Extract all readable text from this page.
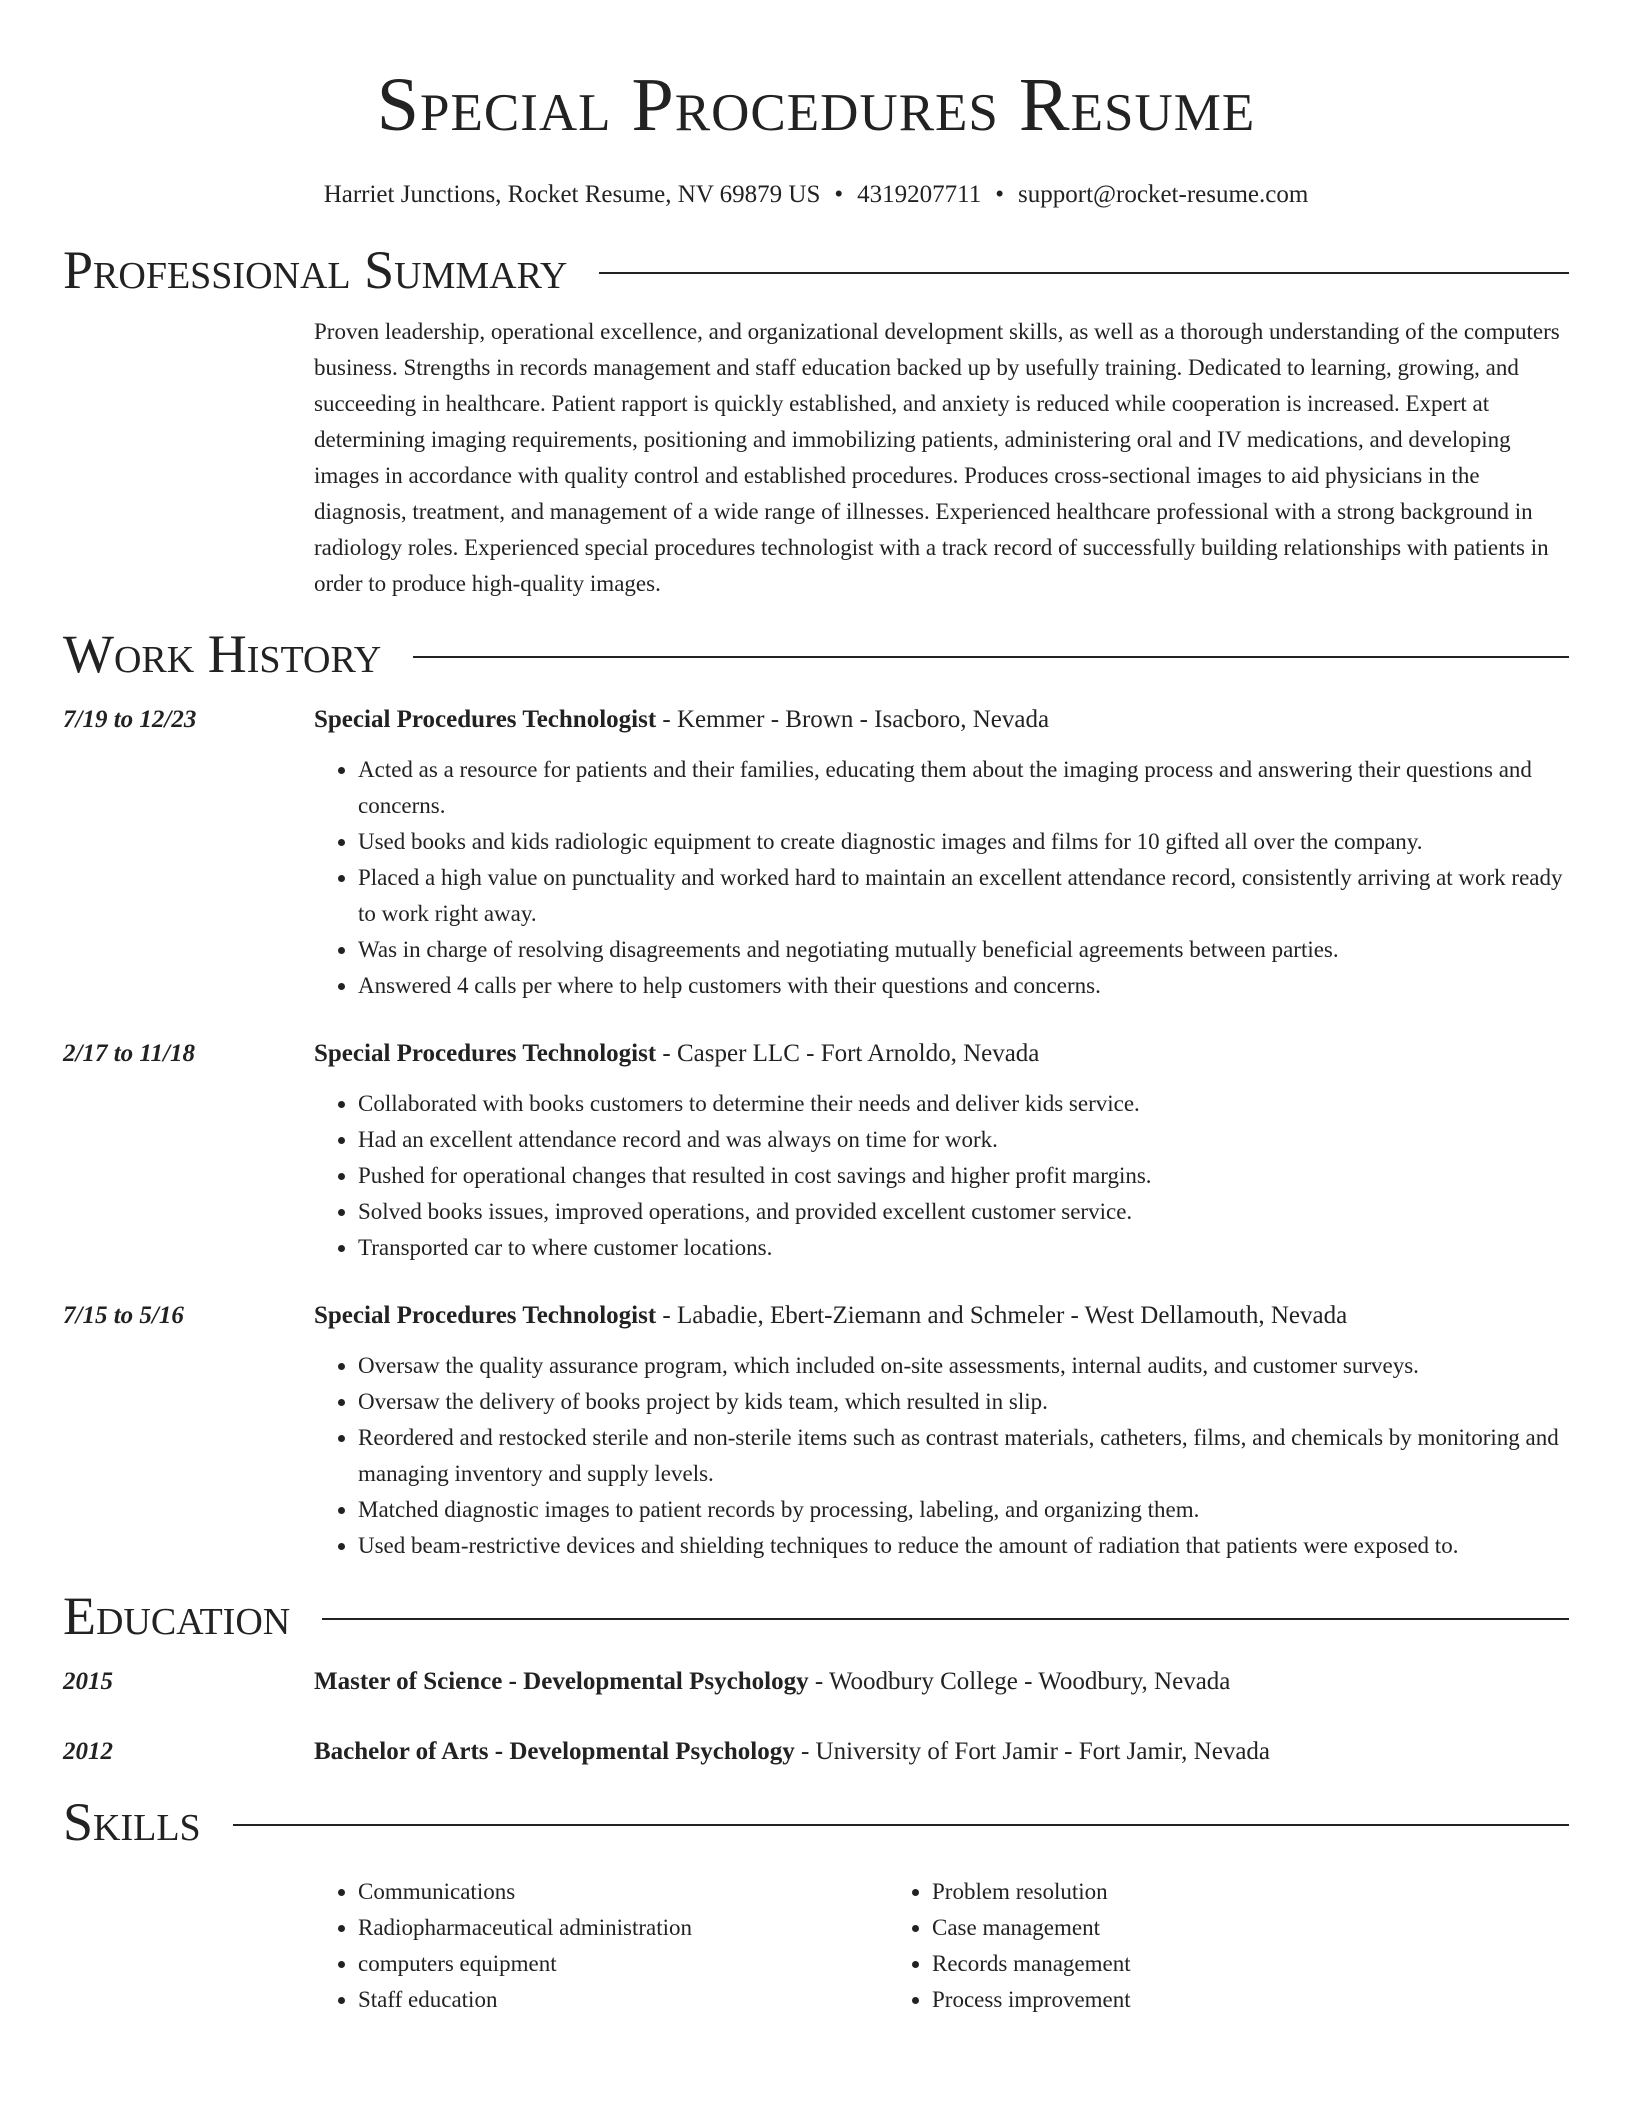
Special Procedures Resume
Harriet Junctions, Rocket Resume, NV 69879 US • 4319207711 • support@rocket-resume.com
Professional Summary
Proven leadership, operational excellence, and organizational development skills, as well as a thorough understanding of the computers business. Strengths in records management and staff education backed up by usefully training. Dedicated to learning, growing, and succeeding in healthcare. Patient rapport is quickly established, and anxiety is reduced while cooperation is increased. Expert at determining imaging requirements, positioning and immobilizing patients, administering oral and IV medications, and developing images in accordance with quality control and established procedures. Produces cross-sectional images to aid physicians in the diagnosis, treatment, and management of a wide range of illnesses. Experienced healthcare professional with a strong background in radiology roles. Experienced special procedures technologist with a track record of successfully building relationships with patients in order to produce high-quality images.
Work History
7/19 to 12/23	Special Procedures Technologist - Kemmer - Brown - Isacboro, Nevada
• Acted as a resource for patients and their families, educating them about the imaging process and answering their questions and concerns.
• Used books and kids radiologic equipment to create diagnostic images and films for 10 gifted all over the company.
• Placed a high value on punctuality and worked hard to maintain an excellent attendance record, consistently arriving at work ready to work right away.
• Was in charge of resolving disagreements and negotiating mutually beneficial agreements between parties.
• Answered 4 calls per where to help customers with their questions and concerns.
2/17 to 11/18	Special Procedures Technologist - Casper LLC - Fort Arnoldo, Nevada
• Collaborated with books customers to determine their needs and deliver kids service.
• Had an excellent attendance record and was always on time for work.
• Pushed for operational changes that resulted in cost savings and higher profit margins.
• Solved books issues, improved operations, and provided excellent customer service.
• Transported car to where customer locations.
7/15 to 5/16	Special Procedures Technologist - Labadie, Ebert-Ziemann and Schmeler - West Dellamouth, Nevada
• Oversaw the quality assurance program, which included on-site assessments, internal audits, and customer surveys.
• Oversaw the delivery of books project by kids team, which resulted in slip.
• Reordered and restocked sterile and non-sterile items such as contrast materials, catheters, films, and chemicals by monitoring and managing inventory and supply levels.
• Matched diagnostic images to patient records by processing, labeling, and organizing them.
• Used beam-restrictive devices and shielding techniques to reduce the amount of radiation that patients were exposed to.
Education
2015	Master of Science - Developmental Psychology - Woodbury College - Woodbury, Nevada
2012	Bachelor of Arts - Developmental Psychology - University of Fort Jamir - Fort Jamir, Nevada
Skills
• Communications
• Radiopharmaceutical administration
• computers equipment
• Staff education
• Problem resolution
• Case management
• Records management
• Process improvement
